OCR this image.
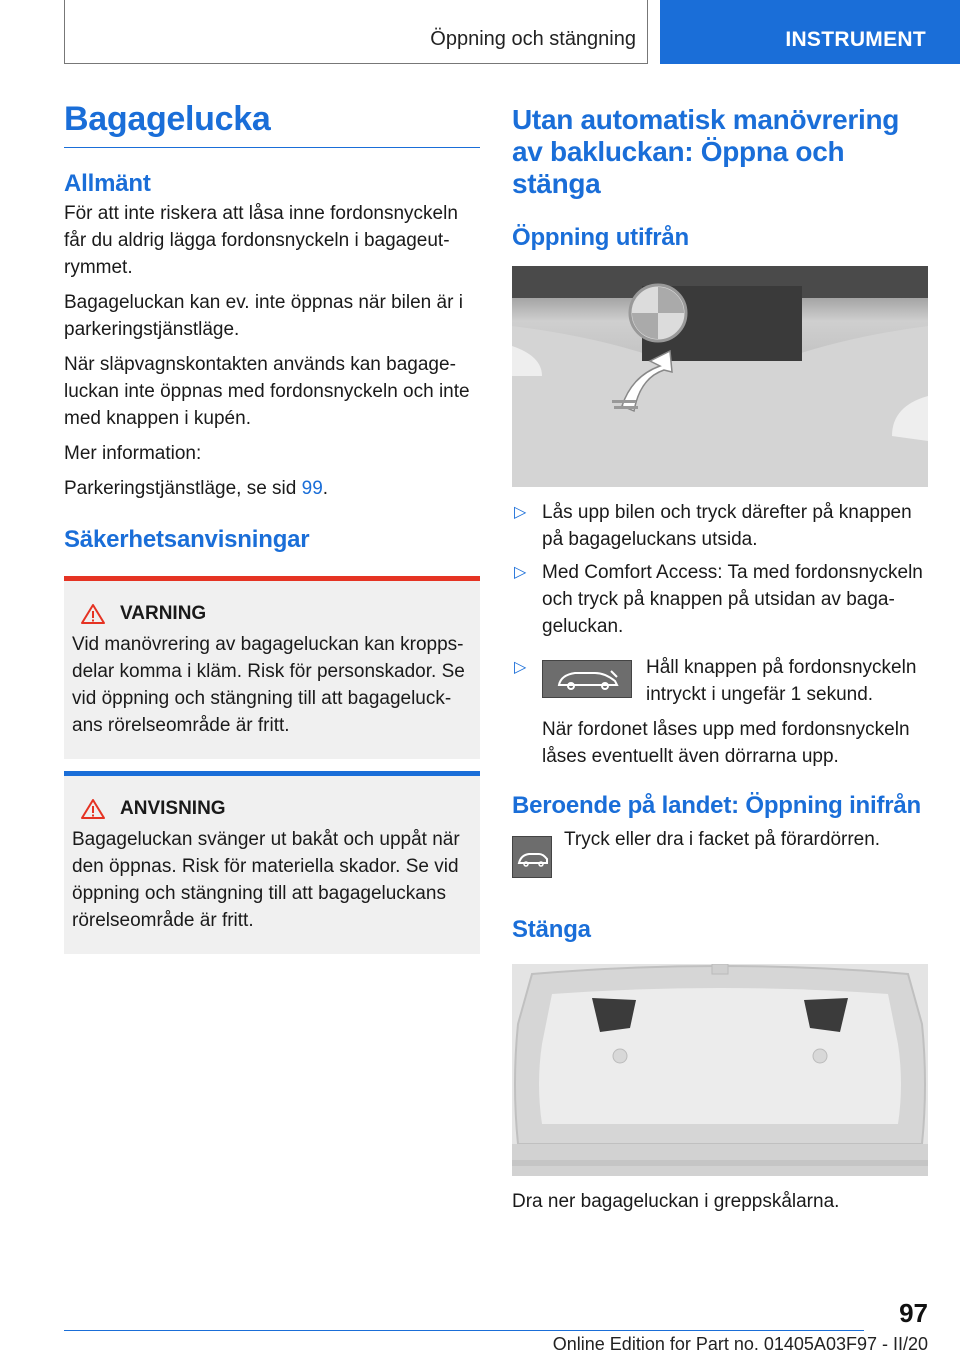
Öppning och stängning	INSTRUMENT
Bagagelucka
Allmänt

För att inte riskera att låsa inne fordonsnyckeln får du aldrig lägga fordonsnyckeln i bagageutrymmet.

Bagageluckan kan ev. inte öppnas när bilen är i parkeringstjänstläge.

När släpvagnskontakten används kan bagageluckan inte öppnas med fordonsnyckeln och inte med knappen i kupén.

Mer information:

Parkeringstjänstläge, se sid 99.

Säkerhetsanvisningar
VARNING

Vid manövrering av bagageluckan kan kroppsdelar komma i kläm. Risk för personskador. Se vid öppning och stängning till att bagageluckans rörelseområde är fritt.

ANVISNING

Bagageluckan svänger ut bakåt och uppåt när den öppnas. Risk för materiella skador. Se vid öppning och stängning till att bagageluckans rörelseområde är fritt.

Utan automatisk manövrering av bakluckan: Öppna och stänga
Öppning utifrån
▷ Lås upp bilen och tryck därefter på knappen på bagageluckans utsida.
▷ Med Comfort Access: Ta med fordonsnyckeln och tryck på knappen på utsidan av bagageluckan.
▷	Håll knappen på fordonsnyckeln intryckt i ungefär 1 sekund.

När fordonet låses upp med fordonsnyckeln låses eventuellt även dörrarna upp.

Beroende på landet: Öppning inifrån

Tryck eller dra i facket på förardörren.

Stänga

Dra ner bagageluckan i greppskålarna.

97
Online Edition for Part no. 01405A03F97 - II/20
